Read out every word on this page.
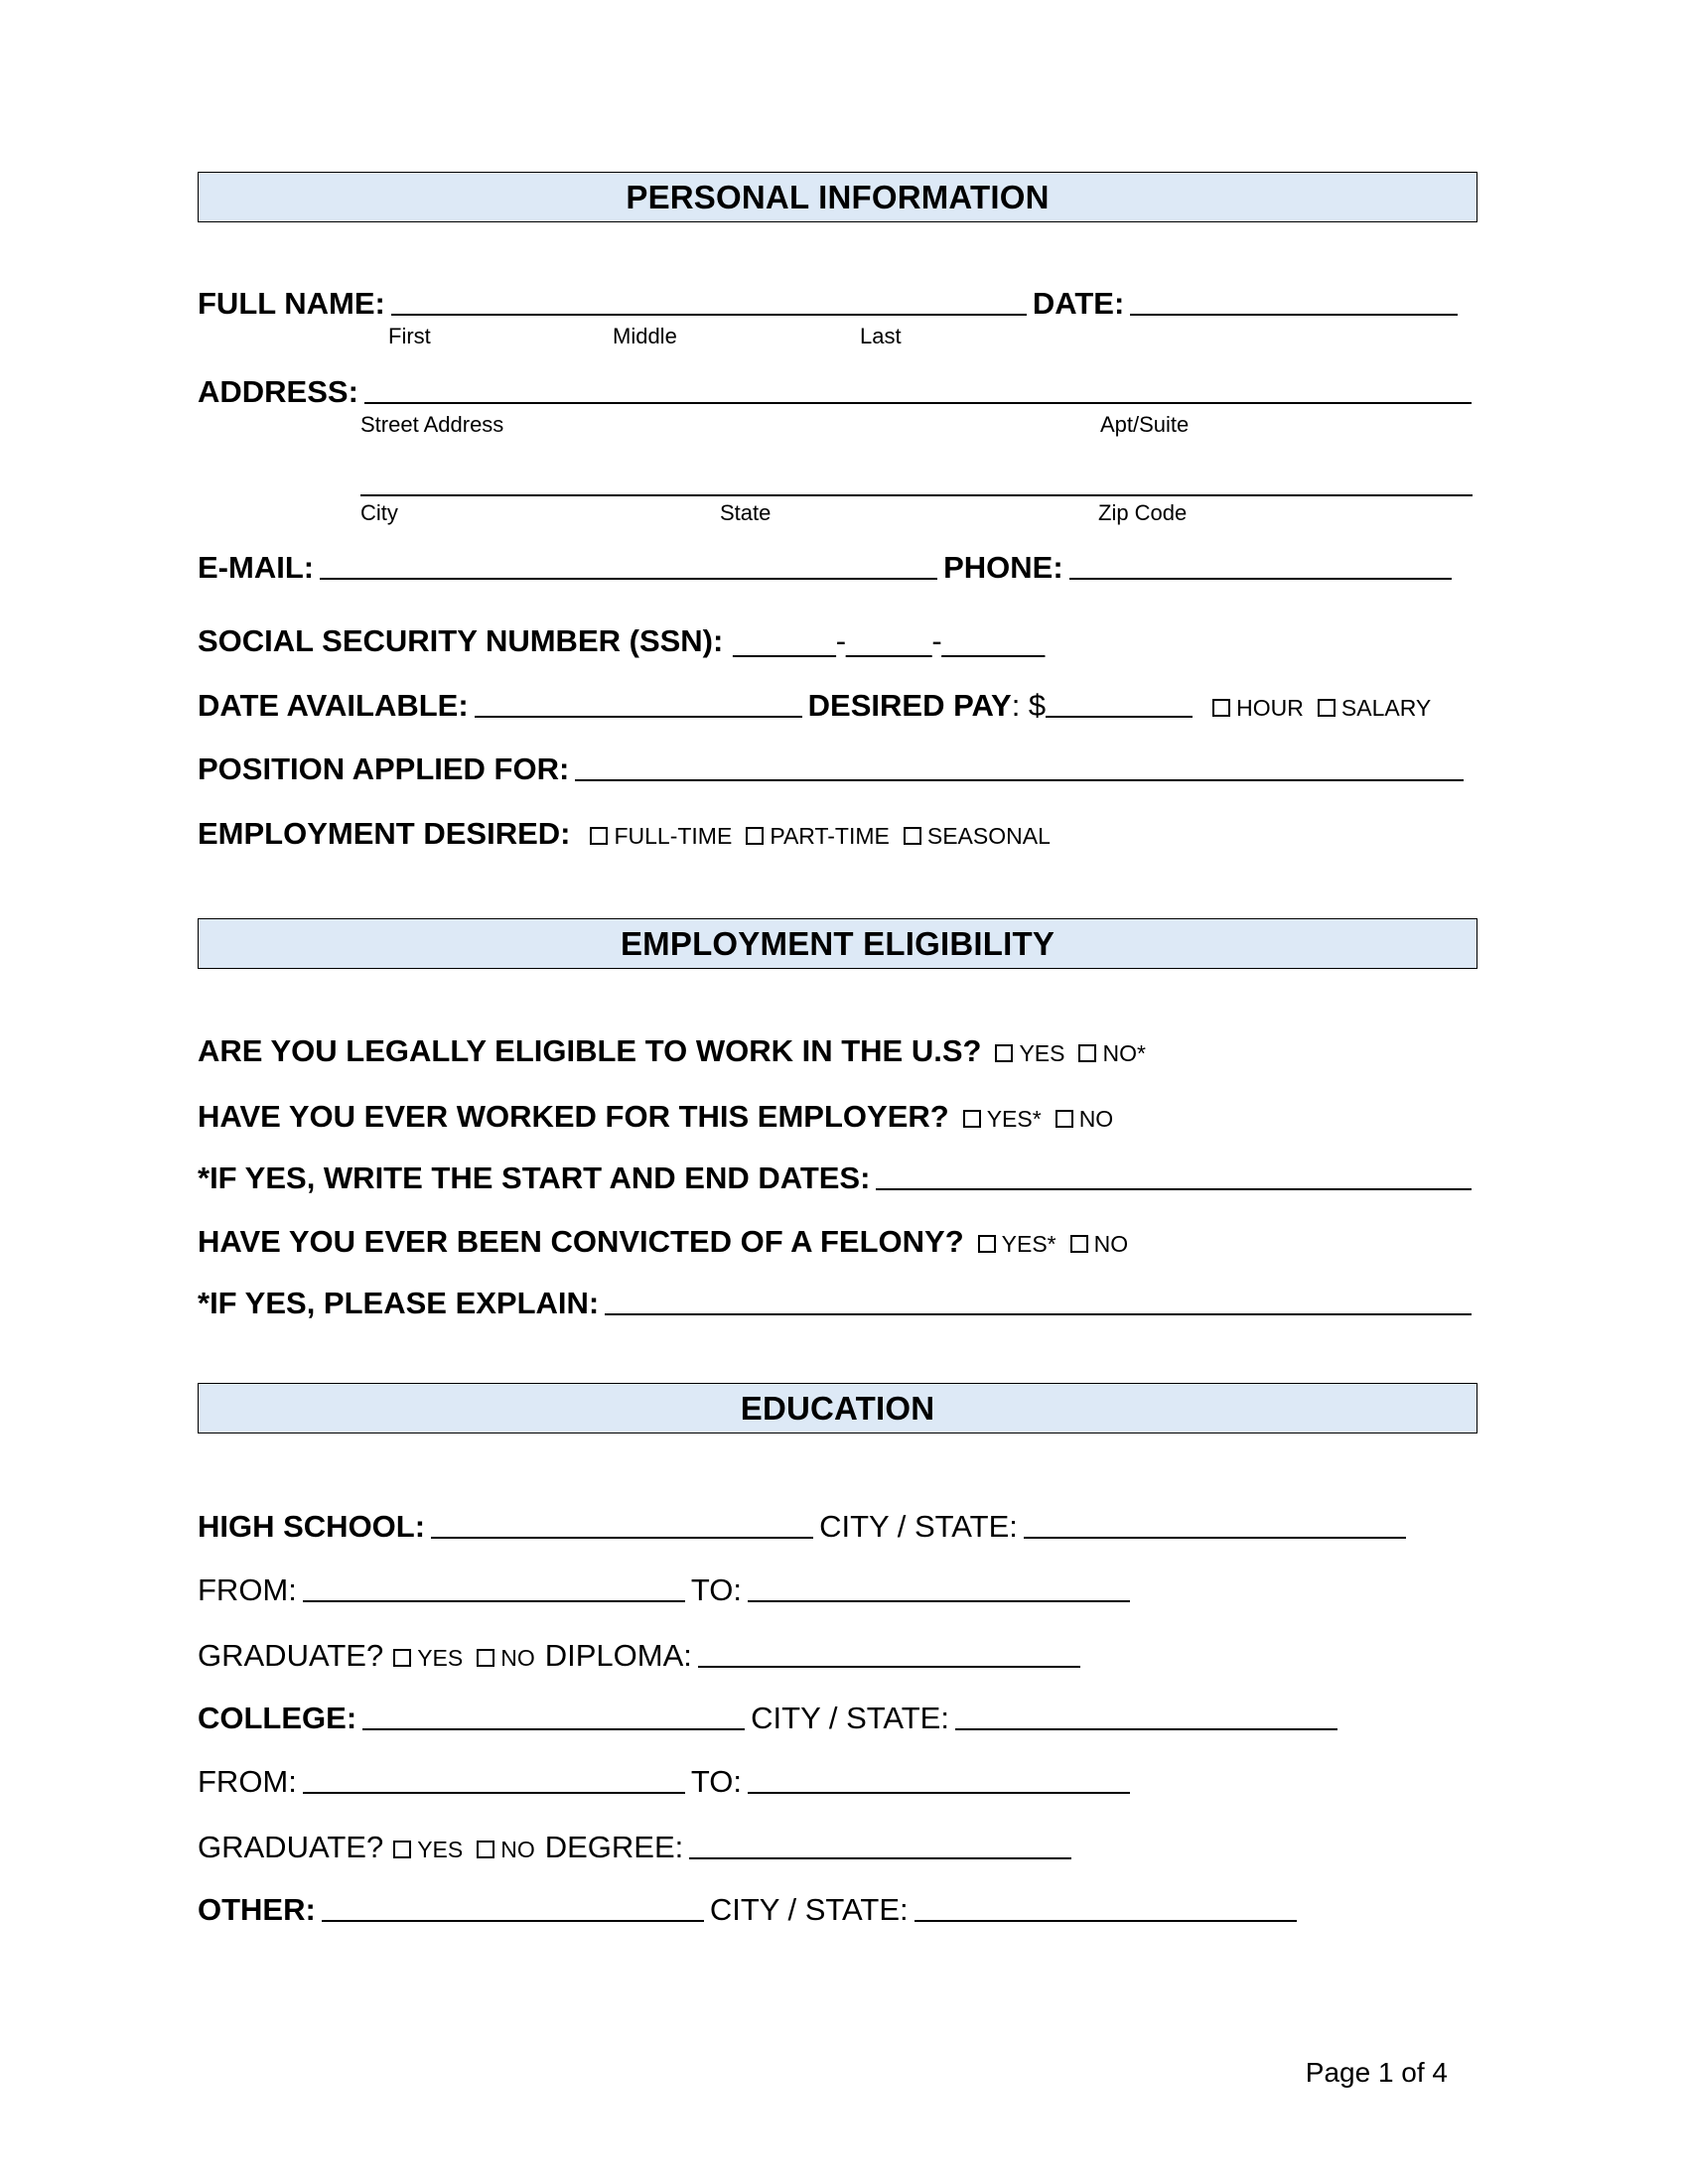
PERSONAL INFORMATION
FULL NAME:	DATE:
First	Middle	Last
ADDRESS:
Street Address	Apt/Suite
City	State	Zip Code
E-MAIL:	PHONE:
SOCIAL SECURITY NUMBER (SSN): ______-_____-______
DATE AVAILABLE:	DESIRED PAY : $	HOUR SALARY
POSITION APPLIED FOR:
EMPLOYMENT DESIRED: FULL-TIME PART-TIME SEASONAL
EMPLOYMENT ELIGIBILITY
ARE YOU LEGALLY ELIGIBLE TO WORK IN THE U.S? YES NO*
HAVE YOU EVER WORKED FOR THIS EMPLOYER? YES* NO
*IF YES, WRITE THE START AND END DATES:
HAVE YOU EVER BEEN CONVICTED OF A FELONY? YES* NO
*IF YES, PLEASE EXPLAIN:
EDUCATION
HIGH SCHOOL:	CITY / STATE:
FROM:	TO:
GRADUATE? YES NO DIPLOMA:
COLLEGE:	CITY / STATE:
FROM:	TO:
GRADUATE? YES NO DEGREE:
OTHER:	CITY / STATE:
Page 1 of 4
